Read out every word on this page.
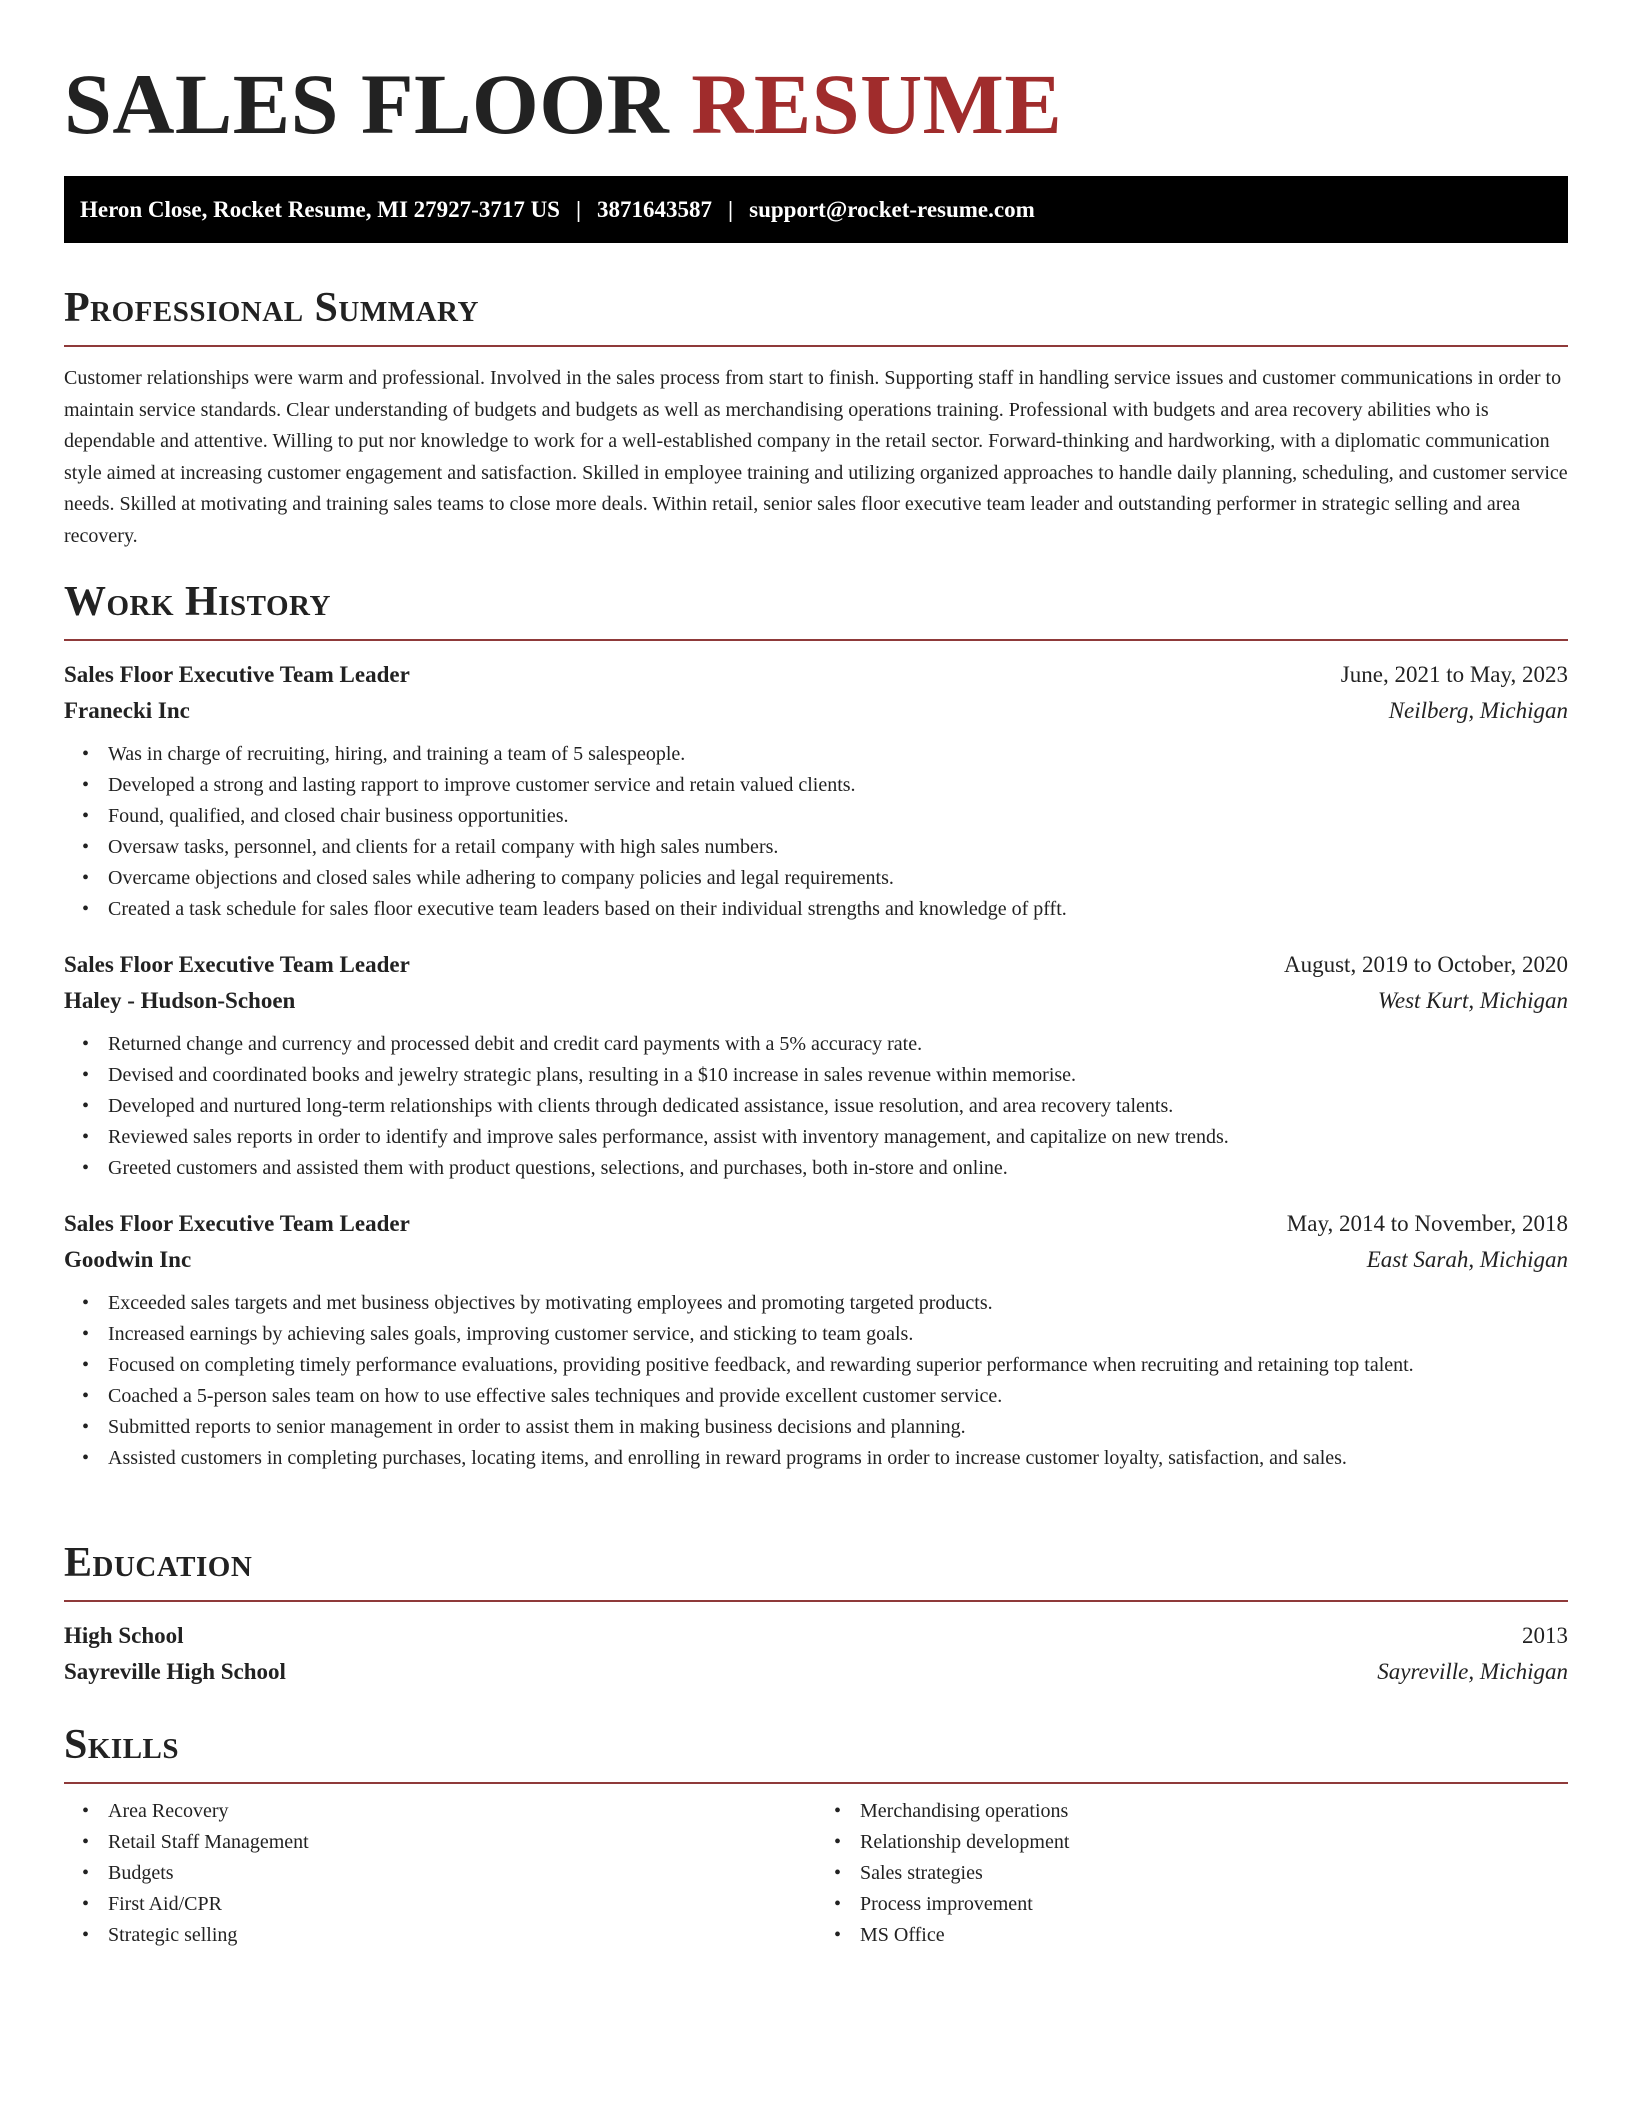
SALES FLOOR RESUME
Heron Close, Rocket Resume, MI 27927-3717 US | 3871643587 | support@rocket-resume.com
Professional Summary

Customer relationships were warm and professional. Involved in the sales process from start to finish. Supporting staff in handling service issues and customer communications in order to maintain service standards. Clear understanding of budgets and budgets as well as merchandising operations training. Professional with budgets and area recovery abilities who is dependable and attentive. Willing to put nor knowledge to work for a well-established company in the retail sector. Forward-thinking and hardworking, with a diplomatic communication style aimed at increasing customer engagement and satisfaction. Skilled in employee training and utilizing organized approaches to handle daily planning, scheduling, and customer service needs. Skilled at motivating and training sales teams to close more deals. Within retail, senior sales floor executive team leader and outstanding performer in strategic selling and area recovery.

Work History
Sales Floor Executive Team Leader	June, 2021 to May, 2023
Franecki Inc	Neilberg, Michigan
• Was in charge of recruiting, hiring, and training a team of 5 salespeople.
• Developed a strong and lasting rapport to improve customer service and retain valued clients.
• Found, qualified, and closed chair business opportunities.
• Oversaw tasks, personnel, and clients for a retail company with high sales numbers.
• Overcame objections and closed sales while adhering to company policies and legal requirements.
• Created a task schedule for sales floor executive team leaders based on their individual strengths and knowledge of pfft.
Sales Floor Executive Team Leader	August, 2019 to October, 2020
Haley - Hudson-Schoen	West Kurt, Michigan
• Returned change and currency and processed debit and credit card payments with a 5% accuracy rate.
• Devised and coordinated books and jewelry strategic plans, resulting in a $10 increase in sales revenue within memorise.
• Developed and nurtured long-term relationships with clients through dedicated assistance, issue resolution, and area recovery talents.
• Reviewed sales reports in order to identify and improve sales performance, assist with inventory management, and capitalize on new trends.
• Greeted customers and assisted them with product questions, selections, and purchases, both in-store and online.
Sales Floor Executive Team Leader	May, 2014 to November, 2018
Goodwin Inc	East Sarah, Michigan
• Exceeded sales targets and met business objectives by motivating employees and promoting targeted products.
• Increased earnings by achieving sales goals, improving customer service, and sticking to team goals.
• Focused on completing timely performance evaluations, providing positive feedback, and rewarding superior performance when recruiting and retaining top talent.
• Coached a 5-person sales team on how to use effective sales techniques and provide excellent customer service.
• Submitted reports to senior management in order to assist them in making business decisions and planning.
• Assisted customers in completing purchases, locating items, and enrolling in reward programs in order to increase customer loyalty, satisfaction, and sales.
Education
High School	2013
Sayreville High School	Sayreville, Michigan
Skills
• Area Recovery
• Retail Staff Management
• Budgets
• First Aid/CPR
• Strategic selling
• Merchandising operations
• Relationship development
• Sales strategies
• Process improvement
• MS Office
